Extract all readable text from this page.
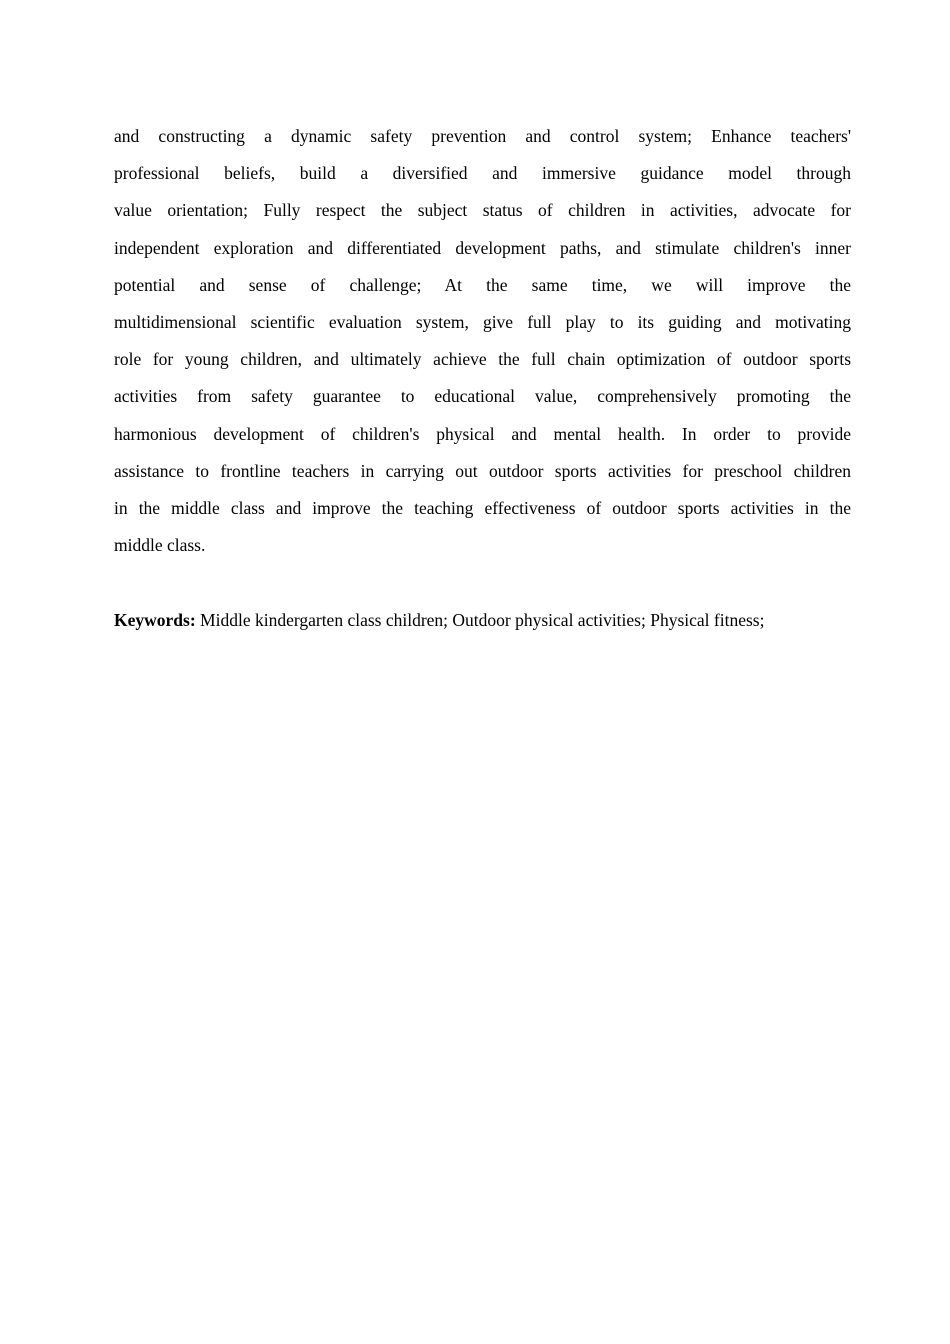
and constructing a dynamic safety prevention and control system; Enhance teachers'
professional beliefs, build a diversified and immersive guidance model through
value orientation; Fully respect the subject status of children in activities, advocate for
independent exploration and differentiated development paths, and stimulate children's inner
potential and sense of challenge; At the same time, we will improve the
multidimensional scientific evaluation system, give full play to its guiding and motivating
role for young children, and ultimately achieve the full chain optimization of outdoor sports
activities from safety guarantee to educational value, comprehensively promoting the
harmonious development of children's physical and mental health. In order to provide
assistance to frontline teachers in carrying out outdoor sports activities for preschool children
in the middle class and improve the teaching effectiveness of outdoor sports activities in the
middle class.

Keywords: Middle kindergarten class children; Outdoor physical activities; Physical fitness;
